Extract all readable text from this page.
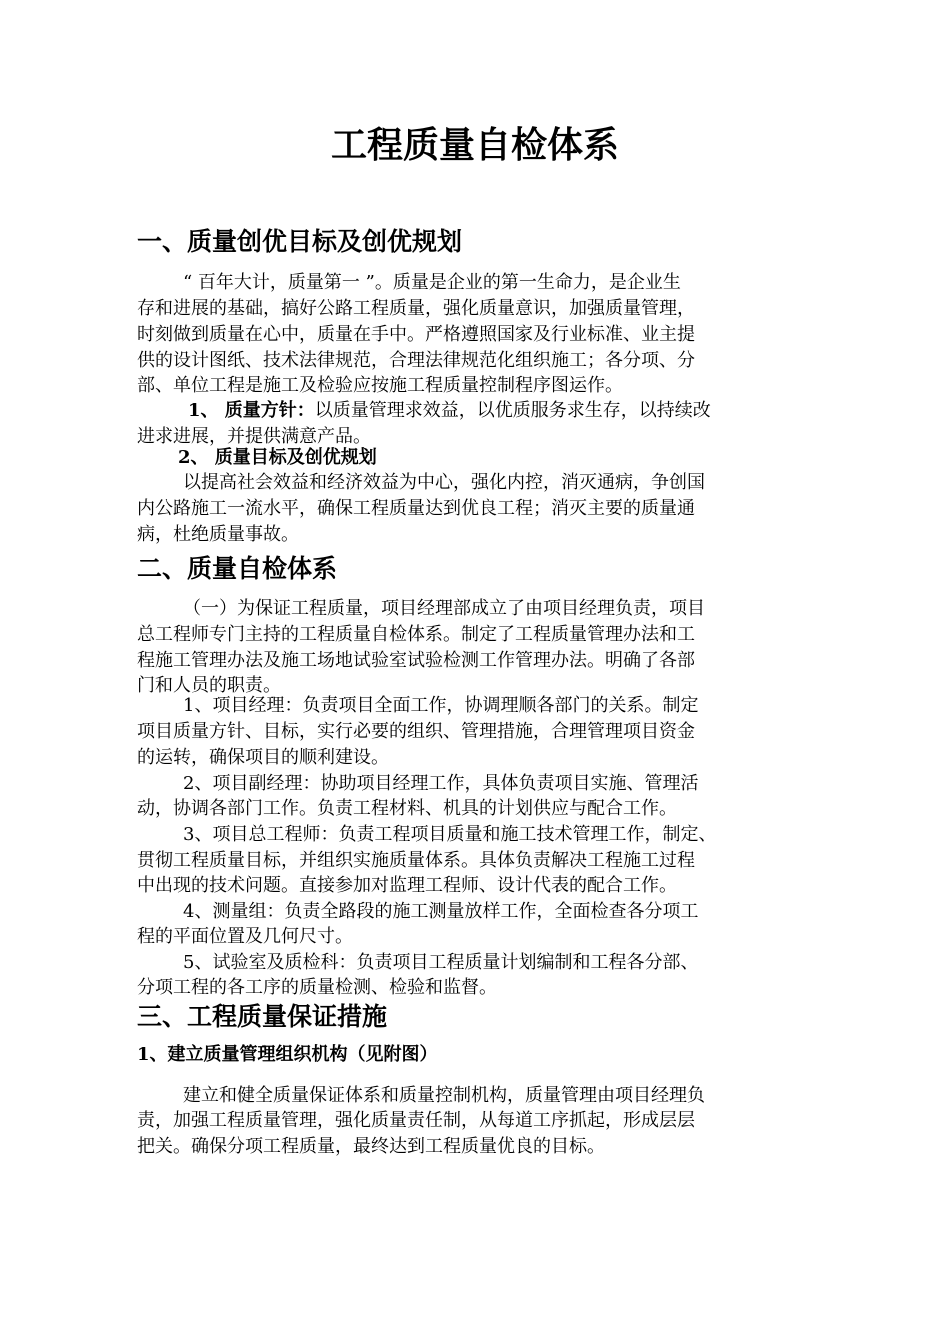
工程质量自检体系
一、质量创优目标及创优规划
“ 百年大计，质量第一 ”。质量是企业的第一生命力，是企业生
存和进展的基础，搞好公路工程质量，强化质量意识，加强质量管理，
时刻做到质量在心中，质量在手中。严格遵照国家及行业标准、业主提
供的设计图纸、技术法律规范，合理法律规范化组织施工；各分项、分
部、单位工程是施工及检验应按施工程质量控制程序图运作。
1、 质量方针：以质量管理求效益，以优质服务求生存，以持续改
进求进展，并提供满意产品。
2、 质量目标及创优规划
以提高社会效益和经济效益为中心，强化内控，消灭通病，争创国
内公路施工一流水平，确保工程质量达到优良工程；消灭主要的质量通
病，杜绝质量事故。
二、质量自检体系
（一）为保证工程质量，项目经理部成立了由项目经理负责，项目
总工程师专门主持的工程质量自检体系。制定了工程质量管理办法和工
程施工管理办法及施工场地试验室试验检测工作管理办法。明确了各部
门和人员的职责。
1、项目经理：负责项目全面工作，协调理顺各部门的关系。制定
项目质量方针、目标，实行必要的组织、管理措施，合理管理项目资金
的运转，确保项目的顺利建设。
2、项目副经理：协助项目经理工作，具体负责项目实施、管理活
动，协调各部门工作。负责工程材料、机具的计划供应与配合工作。
3、项目总工程师：负责工程项目质量和施工技术管理工作，制定、
贯彻工程质量目标，并组织实施质量体系。具体负责解决工程施工过程
中出现的技术问题。直接参加对监理工程师、设计代表的配合工作。
4、测量组：负责全路段的施工测量放样工作，全面检查各分项工
程的平面位置及几何尺寸。
5、试验室及质检科：负责项目工程质量计划编制和工程各分部、
分项工程的各工序的质量检测、检验和监督。
三、工程质量保证措施
1、建立质量管理组织机构（见附图）
建立和健全质量保证体系和质量控制机构，质量管理由项目经理负
责，加强工程质量管理，强化质量责任制，从每道工序抓起，形成层层
把关。确保分项工程质量，最终达到工程质量优良的目标。
